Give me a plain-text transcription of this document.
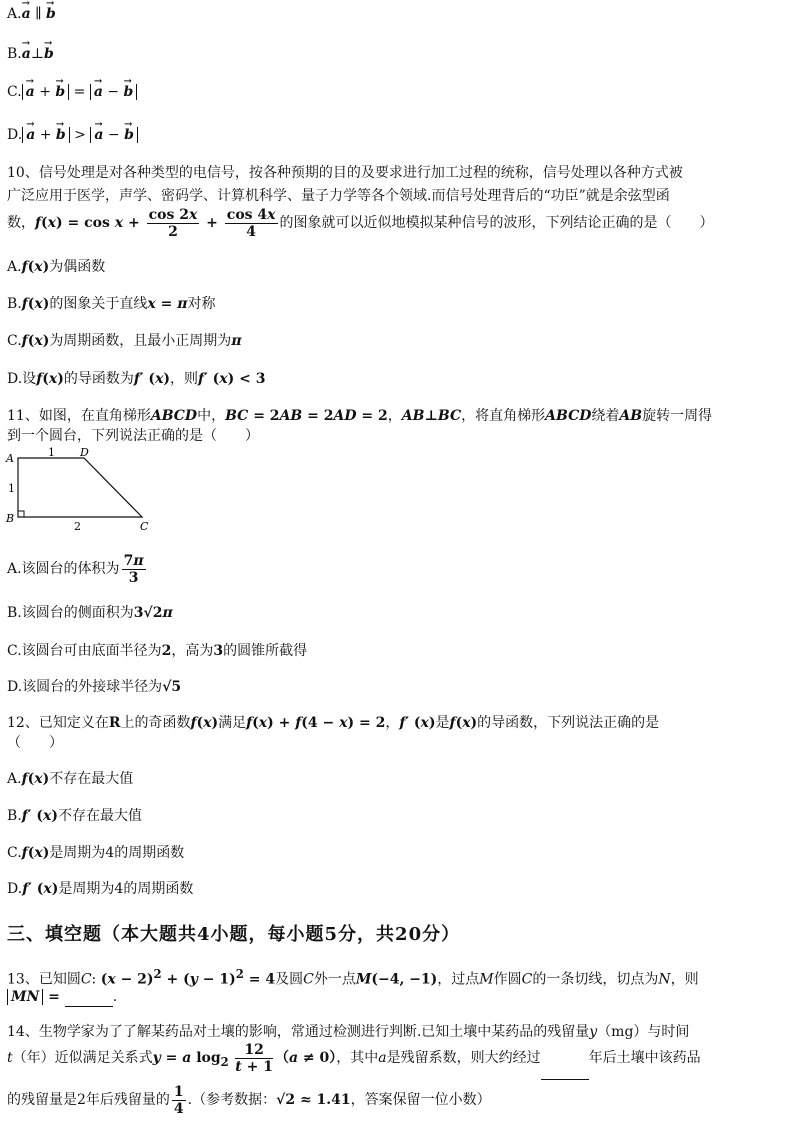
A.→ a ∥ → b
B.→ a⊥→ b
C. → a + → b = → a − → b
D. → a + → b > → a − → b
10、信号处理是对各种类型的电信号，按各种预期的目的及要求进行加工过程的统称，信号处理以各种方式被
广泛应用于医学，声学、密码学、计算机科学、量子力学等各个领域.而信号处理背后的“功臣”就是余弦型函
数，$f(x) = \cos x + \frac{\cos 2x}{2} + \frac{\cos 4x}{4}$ 的图象就可以近似地模拟某种信号的波形，下列结论正确的是（　　）
A.f(x)为偶函数
B.f(x)的图象关于直线x = π对称
C.f(x)为周期函数，且最小正周期为π
D.设f(x)的导函数为f′ (x)，则f′ (x) < 3
11、如图，在直角梯形ABCD中，BC = 2AB = 2AD = 2，AB⊥BC，将直角梯形ABCD绕着AB旋转一周得
到一个圆台，下列说法正确的是（　　）
A	D
B
C
1
1
2
A.该圆台的体积为 $\frac{7\pi}{3}$
B.该圆台的侧面积为3√2π
C.该圆台可由底面半径为2，高为3的圆锥所截得
D.该圆台的外接球半径为√5
12、已知定义在R上的奇函数f(x)满足f(x) + f(4 − x) = 2，f′ (x)是f(x)的导函数，下列说法正确的是
（　　）
A.f(x)不存在最大值
B.f′ (x)不存在最大值
C.f(x)是周期为4的周期函数
D.f′ (x)是周期为4的周期函数
三、填空题（本大题共4小题，每小题5分，共20分）
13、已知圆C: $(x - 2)^2 + (y - 1)^2 = 4$及圆C外一点M(−4, −1)，过点M作圆C的一条切线，切点为N，则
MN =	.
14、生物学家为了了解某药品对土壤的影响，常通过检测进行判断.已知土壤中某药品的残留量y（mg）与时间
t（年）近似满足关系式y = a $\log_2 \frac{12}{t + 1} (a \ne 0)$，其中a是残留系数，则大约经过	年后土壤中该药品
的残留量是2年后残留量的 $\frac{1}{4}$ .（参考数据：√2 ≈ 1.41，答案保留一位小数）
